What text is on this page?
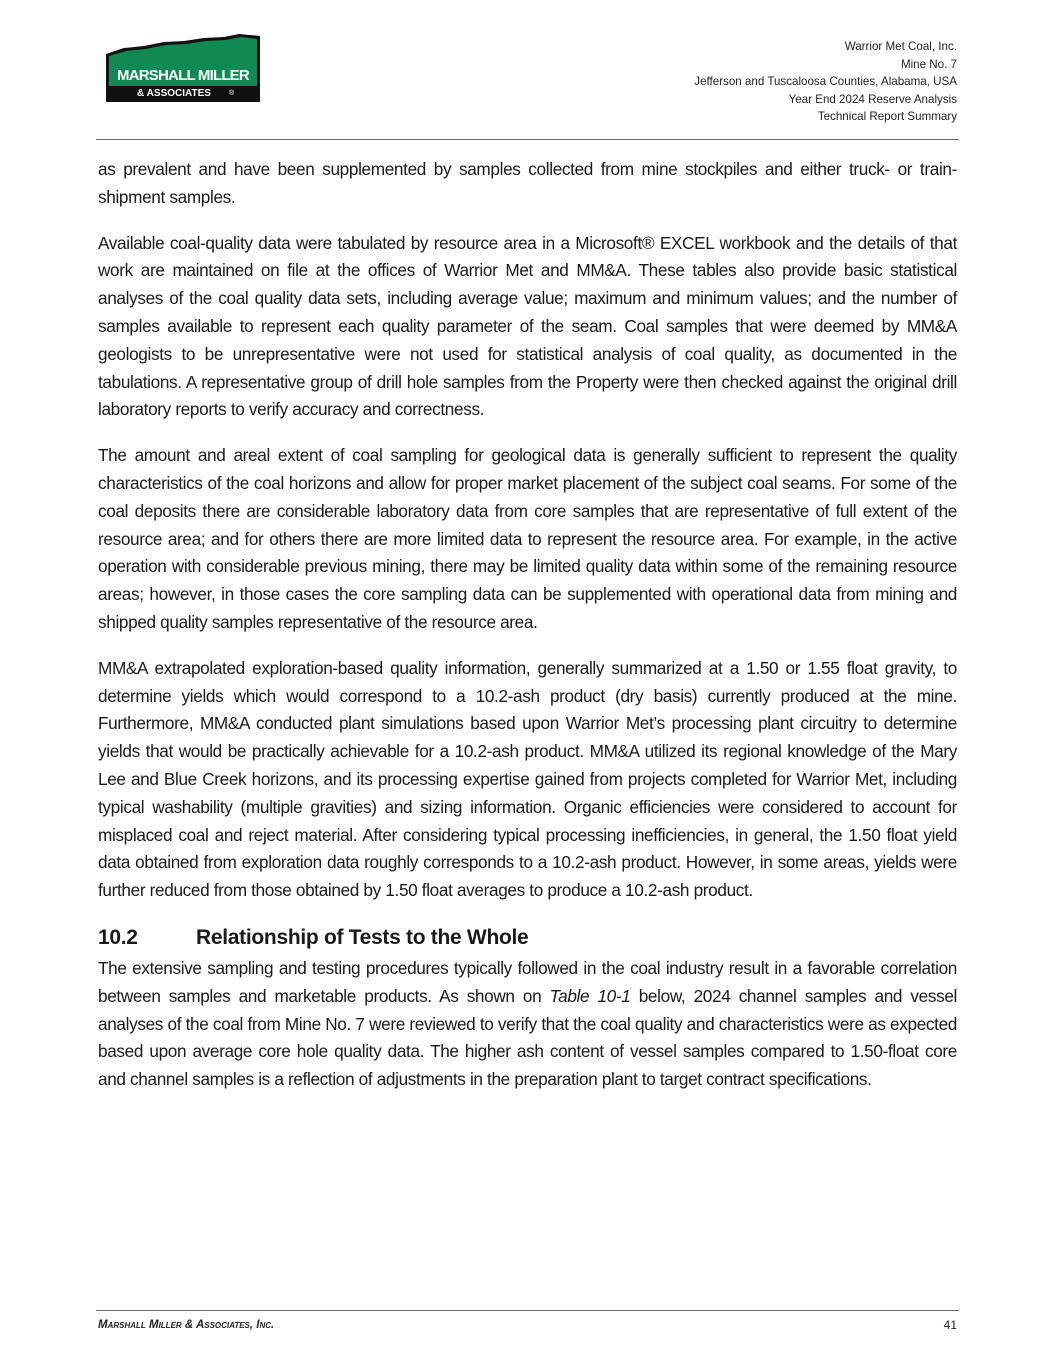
MARSHALL MILLER
& ASSOCIATES	®
Warrior Met Coal, Inc.
Mine No. 7
Jefferson and Tuscaloosa Counties, Alabama, USA
Year End 2024 Reserve Analysis
Technical Report Summary

as prevalent and have been supplemented by samples collected from mine stockpiles and either truck- or train-shipment samples.

Available coal-quality data were tabulated by resource area in a Microsoft® EXCEL workbook and the details of that work are maintained on file at the offices of Warrior Met and MM&A. These tables also provide basic statistical analyses of the coal quality data sets, including average value; maximum and minimum values; and the number of samples available to represent each quality parameter of the seam. Coal samples that were deemed by MM&A geologists to be unrepresentative were not used for statistical analysis of coal quality, as documented in the tabulations. A representative group of drill hole samples from the Property were then checked against the original drill laboratory reports to verify accuracy and correctness.

The amount and areal extent of coal sampling for geological data is generally sufficient to represent the quality characteristics of the coal horizons and allow for proper market placement of the subject coal seams. For some of the coal deposits there are considerable laboratory data from core samples that are representative of full extent of the resource area; and for others there are more limited data to represent the resource area. For example, in the active operation with considerable previous mining, there may be limited quality data within some of the remaining resource areas; however, in those cases the core sampling data can be supplemented with operational data from mining and shipped quality samples representative of the resource area.

MM&A extrapolated exploration-based quality information, generally summarized at a 1.50 or 1.55 float gravity, to determine yields which would correspond to a 10.2-ash product (dry basis) currently produced at the mine. Furthermore, MM&A conducted plant simulations based upon Warrior Met’s processing plant circuitry to determine yields that would be practically achievable for a 10.2-ash product. MM&A utilized its regional knowledge of the Mary Lee and Blue Creek horizons, and its processing expertise gained from projects completed for Warrior Met, including typical washability (multiple gravities) and sizing information. Organic efficiencies were considered to account for misplaced coal and reject material. After considering typical processing inefficiencies, in general, the 1.50 float yield data obtained from exploration data roughly corresponds to a 10.2-ash product. However, in some areas, yields were further reduced from those obtained by 1.50 float averages to produce a 10.2-ash product.

10.2	Relationship of Tests to the Whole

The extensive sampling and testing procedures typically followed in the coal industry result in a favorable correlation between samples and marketable products. As shown on Table 10-1 below, 2024 channel samples and vessel analyses of the coal from Mine No. 7 were reviewed to verify that the coal quality and characteristics were as expected based upon average core hole quality data. The higher ash content of vessel samples compared to 1.50-float core and channel samples is a reflection of adjustments in the preparation plant to target contract specifications.

Marshall Miller & Associates, Inc.	41
